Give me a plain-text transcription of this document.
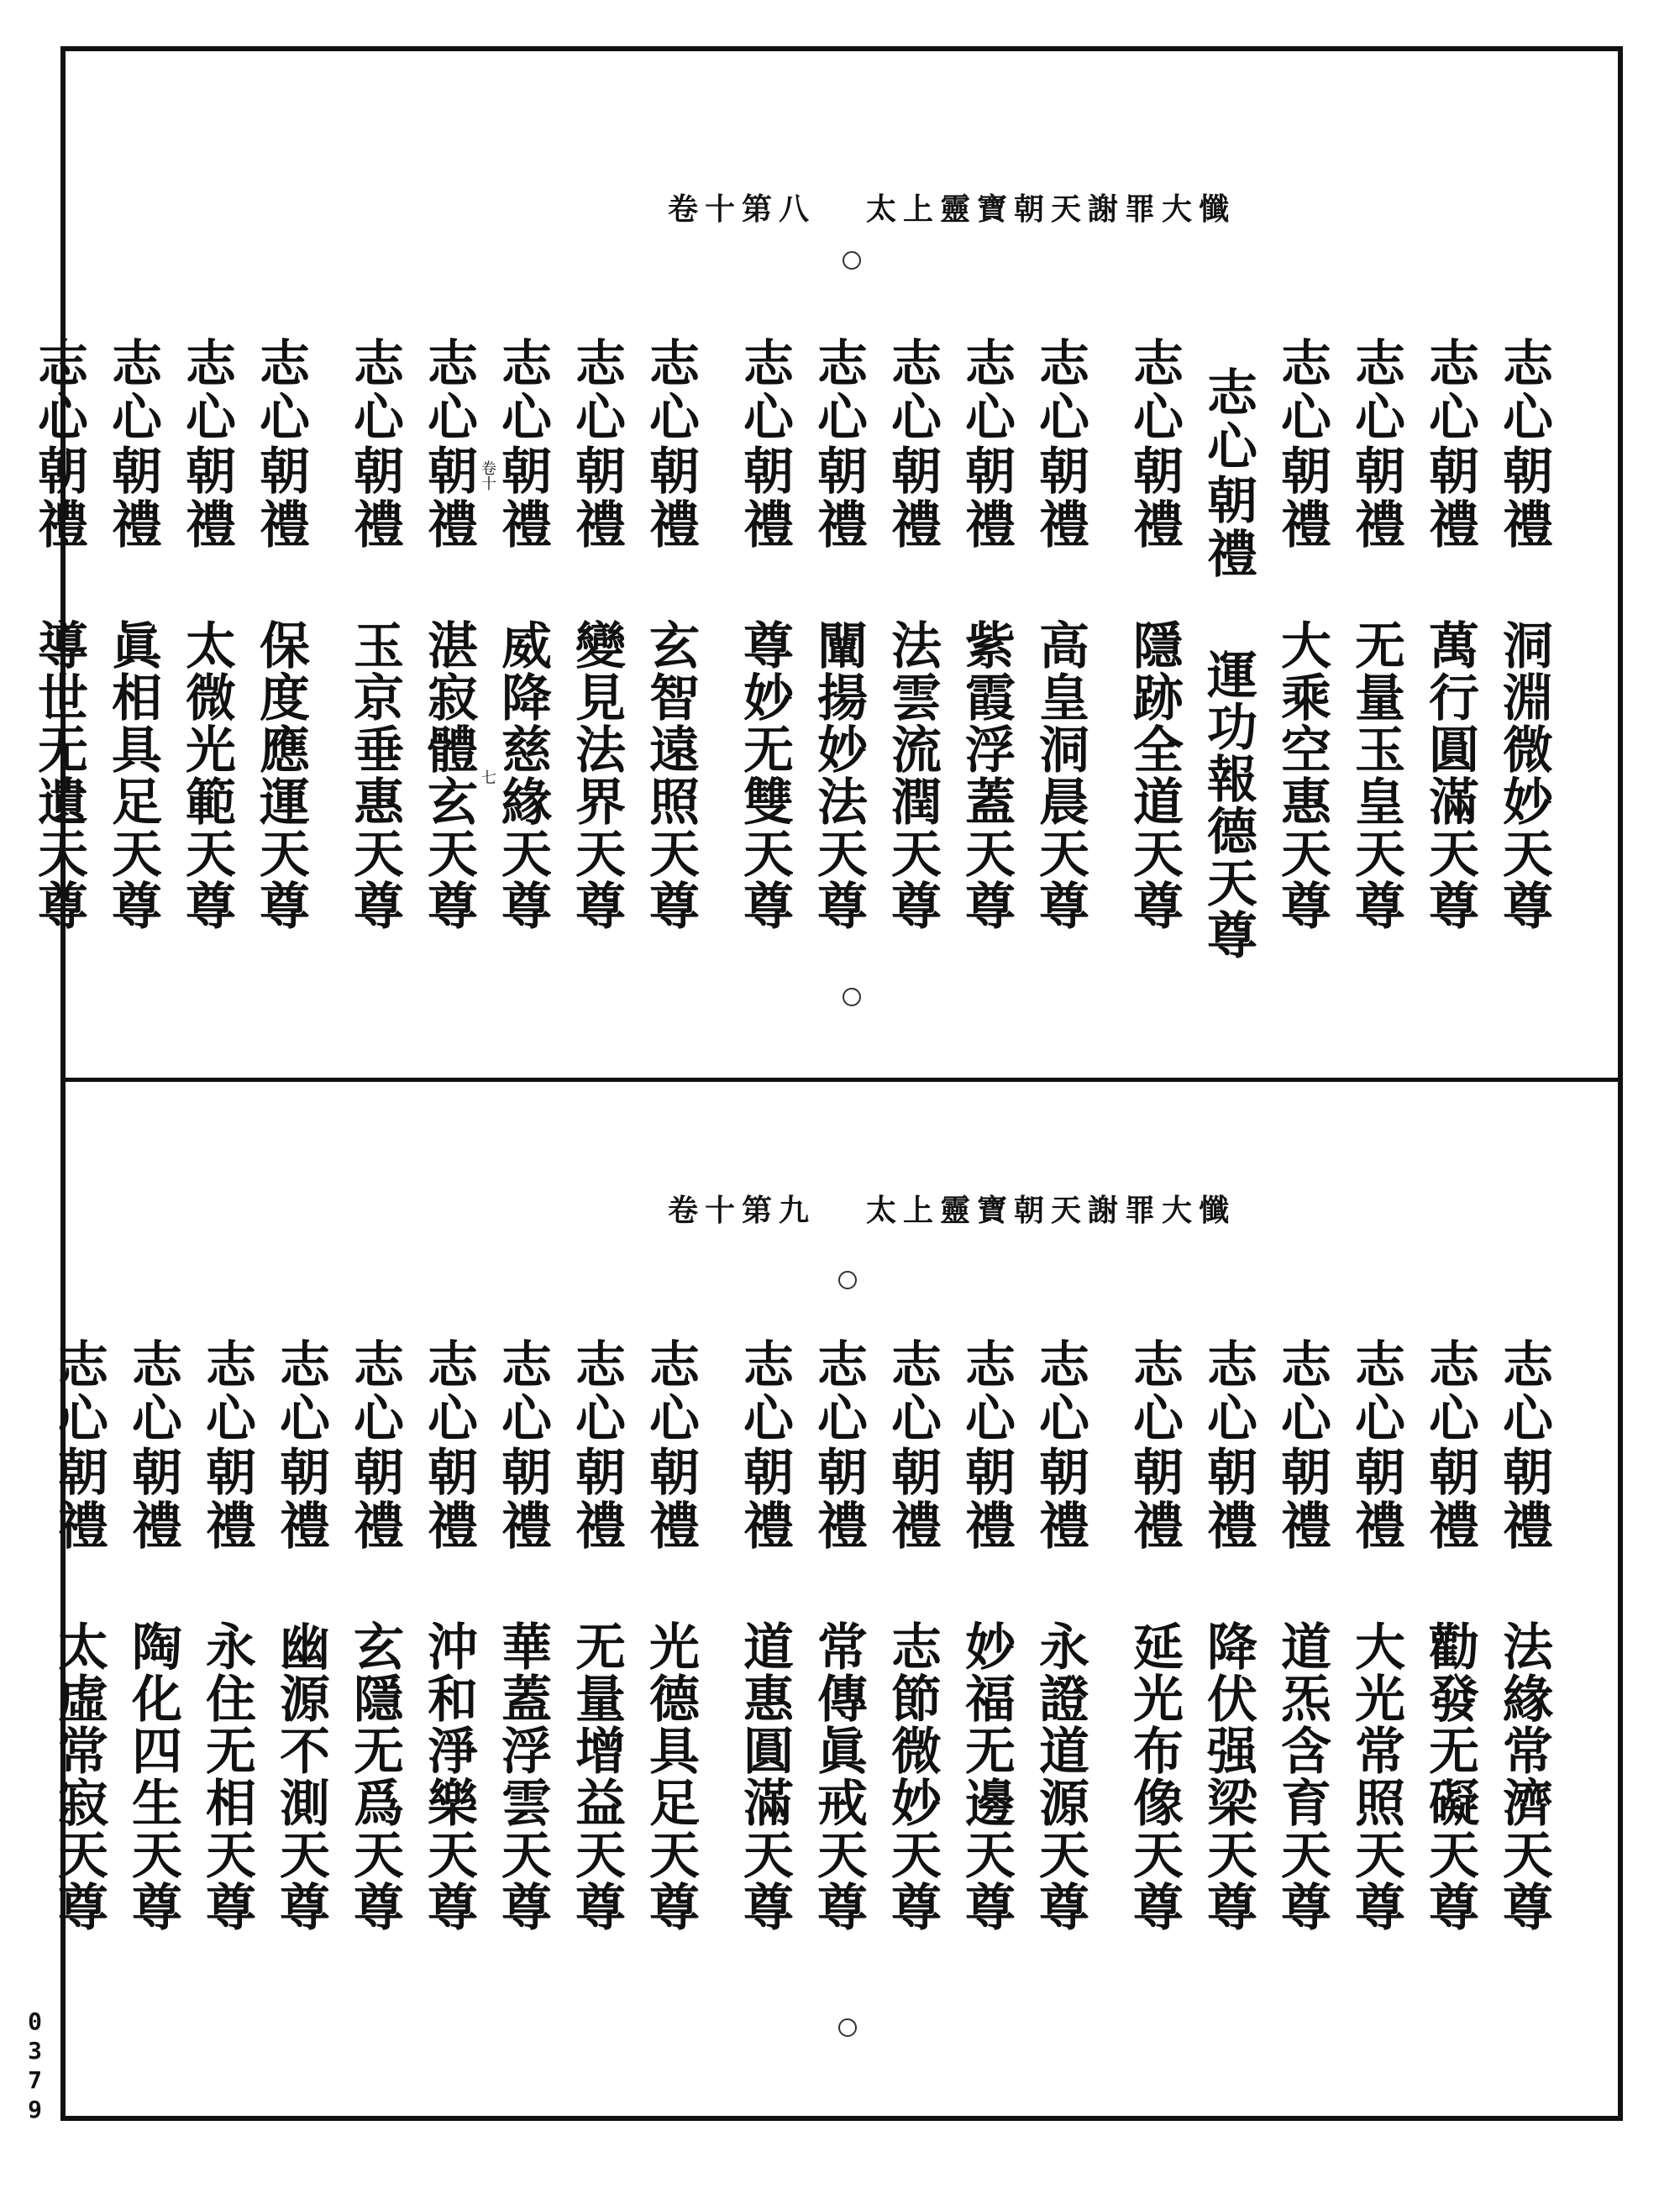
卷十第八 太上靈寶朝天謝罪大懺
卷十
七
志心朝禮
洞淵微妙天尊
志心朝禮
萬行圓滿天尊
志心朝禮
无量玉皇天尊
志心朝禮
大乘空惠天尊
志心朝禮
運功報德天尊
志心朝禮
隱跡全道天尊
志心朝禮
高皇洞晨天尊
志心朝禮
紫霞浮蓋天尊
志心朝禮
法雲流潤天尊
志心朝禮
闡揚妙法天尊
志心朝禮
尊妙无雙天尊
志心朝禮
玄智遠照天尊
志心朝禮
變見法界天尊
志心朝禮
威降慈緣天尊
志心朝禮
湛寂體玄天尊
志心朝禮
玉京垂惠天尊
志心朝禮
保度應運天尊
志心朝禮
太微光範天尊
志心朝禮
眞相具足天尊
志心朝禮
導世无遺天尊
卷十第九 太上靈寶朝天謝罪大懺
志心朝禮
法緣常濟天尊
志心朝禮
勸發无礙天尊
志心朝禮
大光常照天尊
志心朝禮
道炁含育天尊
志心朝禮
降伏强梁天尊
志心朝禮
延光布像天尊
志心朝禮
永證道源天尊
志心朝禮
妙福无邊天尊
志心朝禮
志節微妙天尊
志心朝禮
常傳眞戒天尊
志心朝禮
道惠圓滿天尊
志心朝禮
光德具足天尊
志心朝禮
无量增益天尊
志心朝禮
華蓋浮雲天尊
志心朝禮
沖和淨樂天尊
志心朝禮
玄隱无爲天尊
志心朝禮
幽源不測天尊
志心朝禮
永住无相天尊
志心朝禮
陶化四生天尊
志心朝禮
太虛常寂天尊
0379
